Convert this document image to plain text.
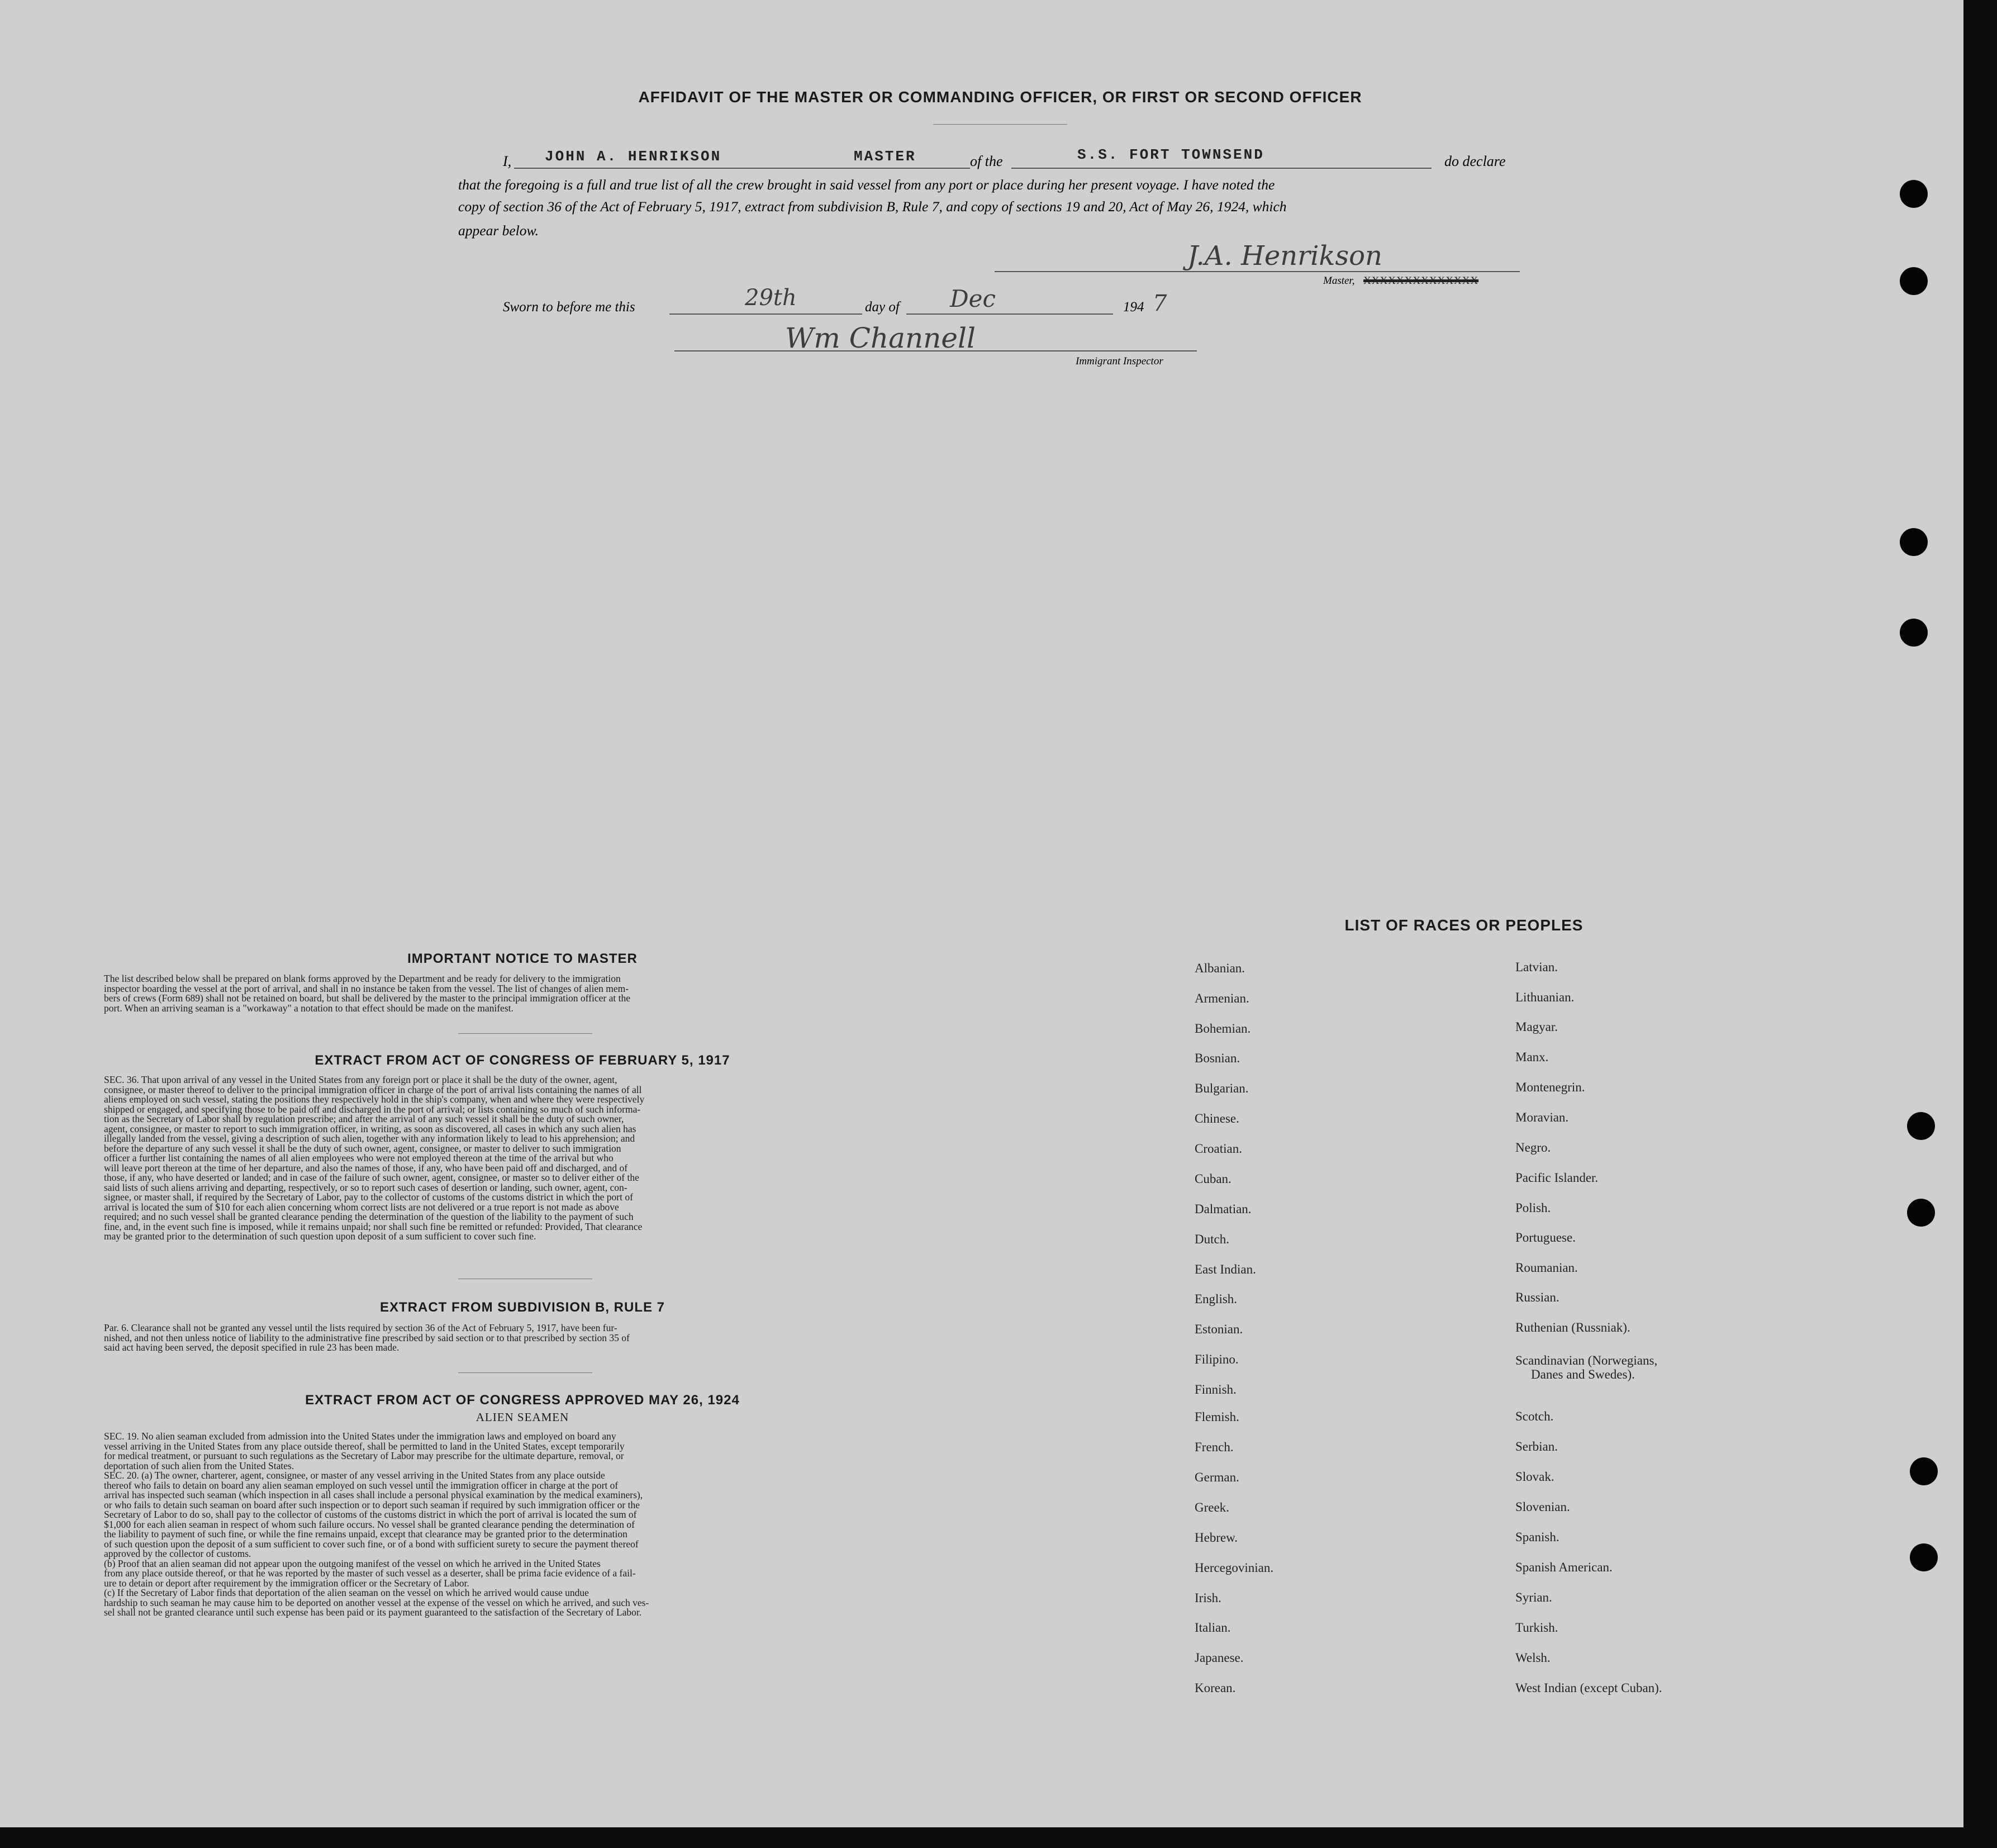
AFFIDAVIT OF THE MASTER OR COMMANDING OFFICER, OR FIRST OR SECOND OFFICER
I, JOHN A. HENRIKSON	MASTER	of the	S.S. FORT TOWNSEND	do declare
that the foregoing is a full and true list of all the crew brought in said vessel from any port or place during her present voyage. I have noted the
copy of section 36 of the Act of February 5, 1917, extract from subdivision B, Rule 7, and copy of sections 19 and 20, Act of May 26, 1924, which
appear below.
J.A. Henrikson
Master, XXXXXXXXXXXXXX
Sworn to before me this	29th	day of Dec	194 7
Wm Channell
Immigrant Inspector
IMPORTANT NOTICE TO MASTER
The list described below shall be prepared on blank forms approved by the Department and be ready for delivery to the immigration
inspector boarding the vessel at the port of arrival, and shall in no instance be taken from the vessel. The list of changes of alien mem-
bers of crews (Form 689) shall not be retained on board, but shall be delivered by the master to the principal immigration officer at the
port. When an arriving seaman is a "workaway" a notation to that effect should be made on the manifest.
EXTRACT FROM ACT OF CONGRESS OF FEBRUARY 5, 1917
SEC. 36. That upon arrival of any vessel in the United States from any foreign port or place it shall be the duty of the owner, agent,
consignee, or master thereof to deliver to the principal immigration officer in charge of the port of arrival lists containing the names of all
aliens employed on such vessel, stating the positions they respectively hold in the ship's company, when and where they were respectively
shipped or engaged, and specifying those to be paid off and discharged in the port of arrival; or lists containing so much of such informa-
tion as the Secretary of Labor shall by regulation prescribe; and after the arrival of any such vessel it shall be the duty of such owner,
agent, consignee, or master to report to such immigration officer, in writing, as soon as discovered, all cases in which any such alien has
illegally landed from the vessel, giving a description of such alien, together with any information likely to lead to his apprehension; and
before the departure of any such vessel it shall be the duty of such owner, agent, consignee, or master to deliver to such immigration
officer a further list containing the names of all alien employees who were not employed thereon at the time of the arrival but who
will leave port thereon at the time of her departure, and also the names of those, if any, who have been paid off and discharged, and of
those, if any, who have deserted or landed; and in case of the failure of such owner, agent, consignee, or master so to deliver either of the
said lists of such aliens arriving and departing, respectively, or so to report such cases of desertion or landing, such owner, agent, con-
signee, or master shall, if required by the Secretary of Labor, pay to the collector of customs of the customs district in which the port of
arrival is located the sum of $10 for each alien concerning whom correct lists are not delivered or a true report is not made as above
required; and no such vessel shall be granted clearance pending the determination of the question of the liability to the payment of such
fine, and, in the event such fine is imposed, while it remains unpaid; nor shall such fine be remitted or refunded: Provided, That clearance
may be granted prior to the determination of such question upon deposit of a sum sufficient to cover such fine.
EXTRACT FROM SUBDIVISION B, RULE 7
Par. 6. Clearance shall not be granted any vessel until the lists required by section 36 of the Act of February 5, 1917, have been fur-
nished, and not then unless notice of liability to the administrative fine prescribed by said section or to that prescribed by section 35 of
said act having been served, the deposit specified in rule 23 has been made.
EXTRACT FROM ACT OF CONGRESS APPROVED MAY 26, 1924
ALIEN SEAMEN
SEC. 19. No alien seaman excluded from admission into the United States under the immigration laws and employed on board any
vessel arriving in the United States from any place outside thereof, shall be permitted to land in the United States, except temporarily
for medical treatment, or pursuant to such regulations as the Secretary of Labor may prescribe for the ultimate departure, removal, or
deportation of such alien from the United States.
SEC. 20. (a) The owner, charterer, agent, consignee, or master of any vessel arriving in the United States from any place outside
thereof who fails to detain on board any alien seaman employed on such vessel until the immigration officer in charge at the port of
arrival has inspected such seaman (which inspection in all cases shall include a personal physical examination by the medical examiners),
or who fails to detain such seaman on board after such inspection or to deport such seaman if required by such immigration officer or the
Secretary of Labor to do so, shall pay to the collector of customs of the customs district in which the port of arrival is located the sum of
$1,000 for each alien seaman in respect of whom such failure occurs. No vessel shall be granted clearance pending the determination of
the liability to payment of such fine, or while the fine remains unpaid, except that clearance may be granted prior to the determination
of such question upon the deposit of a sum sufficient to cover such fine, or of a bond with sufficient surety to secure the payment thereof
approved by the collector of customs.
(b) Proof that an alien seaman did not appear upon the outgoing manifest of the vessel on which he arrived in the United States
from any place outside thereof, or that he was reported by the master of such vessel as a deserter, shall be prima facie evidence of a fail-
ure to detain or deport after requirement by the immigration officer or the Secretary of Labor.
(c) If the Secretary of Labor finds that deportation of the alien seaman on the vessel on which he arrived would cause undue
hardship to such seaman he may cause him to be deported on another vessel at the expense of the vessel on which he arrived, and such ves-
sel shall not be granted clearance until such expense has been paid or its payment guaranteed to the satisfaction of the Secretary of Labor.
LIST OF RACES OR PEOPLES
Albanian.
Armenian.
Bohemian.
Bosnian.
Bulgarian.
Chinese.
Croatian.
Cuban.
Dalmatian.
Dutch.
East Indian.
English.
Estonian.
Filipino.
Finnish.
Flemish.
French.
German.
Greek.
Hebrew.
Hercegovinian.
Irish.
Italian.
Japanese.
Korean.
Latvian.
Lithuanian.
Magyar.
Manx.
Montenegrin.
Moravian.
Negro.
Pacific Islander.
Polish.
Portuguese.
Roumanian.
Russian.
Ruthenian (Russniak).
Scandinavian (Norwegians,
Danes and Swedes).
Scotch.
Serbian.
Slovak.
Slovenian.
Spanish.
Spanish American.
Syrian.
Turkish.
Welsh.
West Indian (except Cuban).
